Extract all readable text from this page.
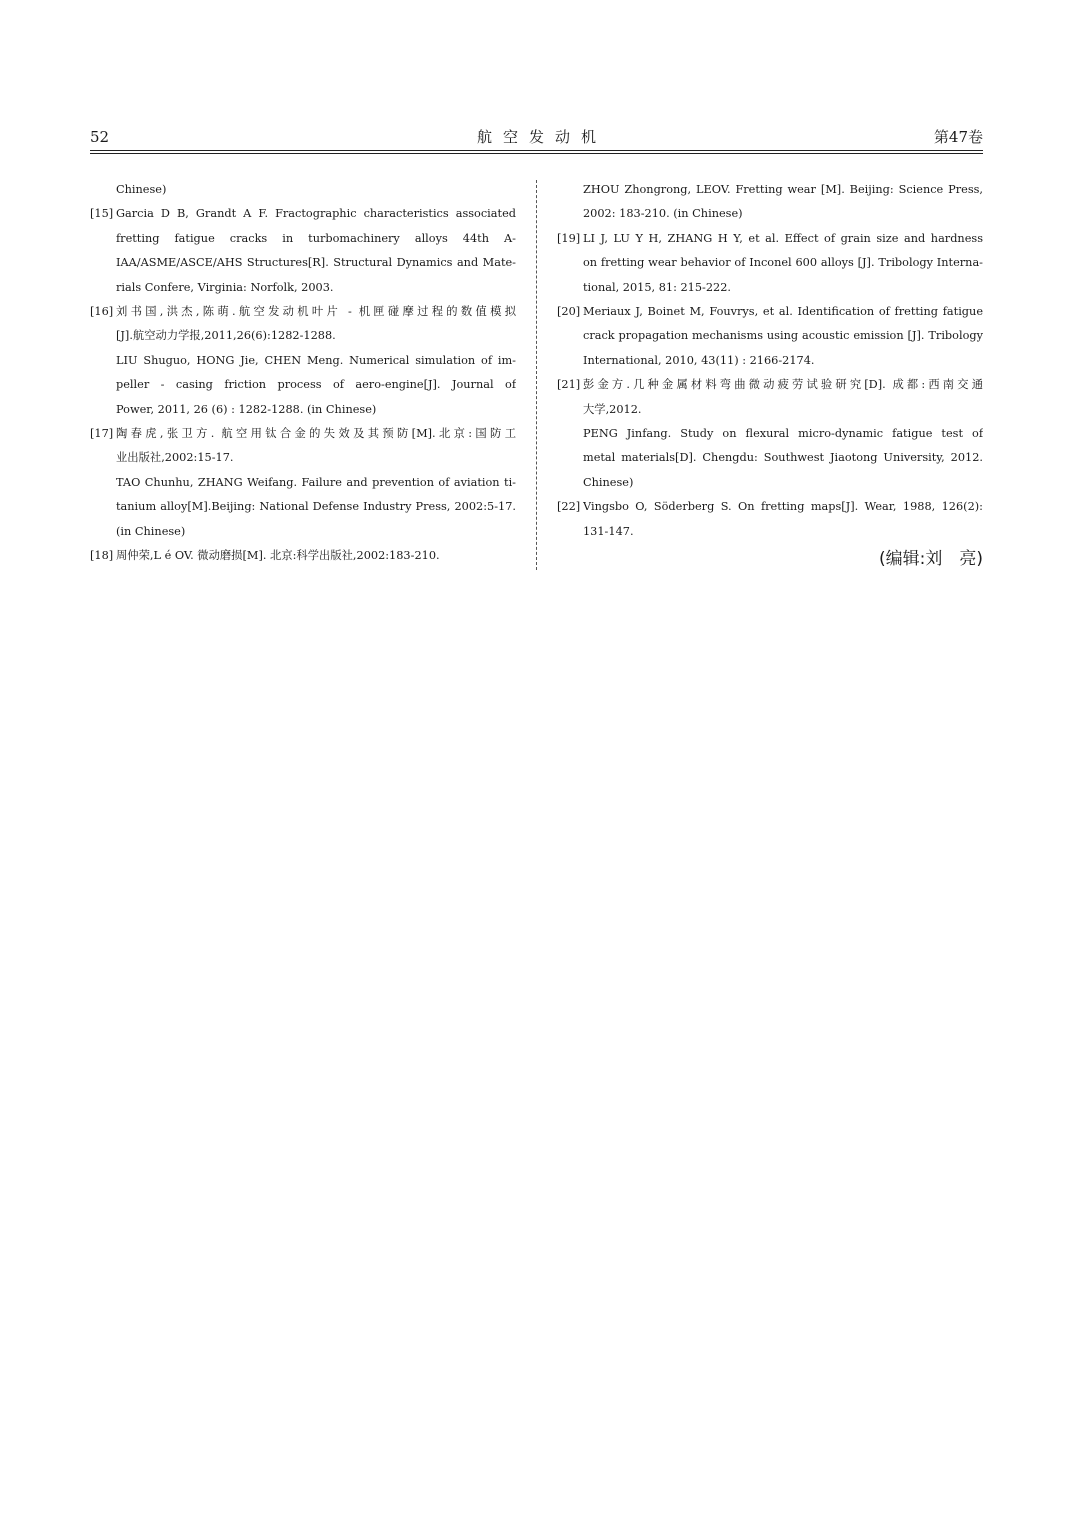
52	航空发动机	第47卷
Chinese)
[15] Garcia D B, Grandt A F. Fractographic characteristics associated
fretting fatigue cracks in turbomachinery alloys 44th A-
IAA/ASME/ASCE/AHS Structures[R]. Structural Dynamics and Mate-
rials Confere, Virginia: Norfolk, 2003.
[16] 刘书国,洪杰,陈萌.航空发动机叶片 - 机匣碰摩过程的数值模拟
[J].航空动力学报,2011,26(6):1282-1288.
LIU Shuguo, HONG Jie, CHEN Meng. Numerical simulation of im-
peller - casing friction process of aero-engine[J]. Journal of
Power, 2011, 26 (6) : 1282-1288. (in Chinese)
[17] 陶春虎,张卫方. 航空用钛合金的失效及其预防[M].北京:国防工
业出版社,2002:15-17.
TAO Chunhu, ZHANG Weifang. Failure and prevention of aviation ti-
tanium alloy[M].Beijing: National Defense Industry Press, 2002:5-17.
(in Chinese)
[18] 周仲荣,L é OV. 微动磨损[M]. 北京:科学出版社,2002:183-210.
ZHOU Zhongrong, LEOV. Fretting wear [M]. Beijing: Science Press,
2002: 183-210. (in Chinese)
[19] LI J, LU Y H, ZHANG H Y, et al. Effect of grain size and hardness
on fretting wear behavior of Inconel 600 alloys [J]. Tribology Interna-
tional, 2015, 81: 215-222.
[20] Meriaux J, Boinet M, Fouvrys, et al. Identification of fretting fatigue
crack propagation mechanisms using acoustic emission [J]. Tribology
International, 2010, 43(11) : 2166-2174.
[21] 彭金方.几种金属材料弯曲微动疲劳试验研究[D]. 成都:西南交通
大学,2012.
PENG Jinfang. Study on flexural micro-dynamic fatigue test of
metal materials[D]. Chengdu: Southwest Jiaotong University, 2012.
Chinese)
[22] Vingsbo O, Söderberg S. On fretting maps[J]. Wear, 1988, 126(2):
131-147.
(编辑:刘　亮)
